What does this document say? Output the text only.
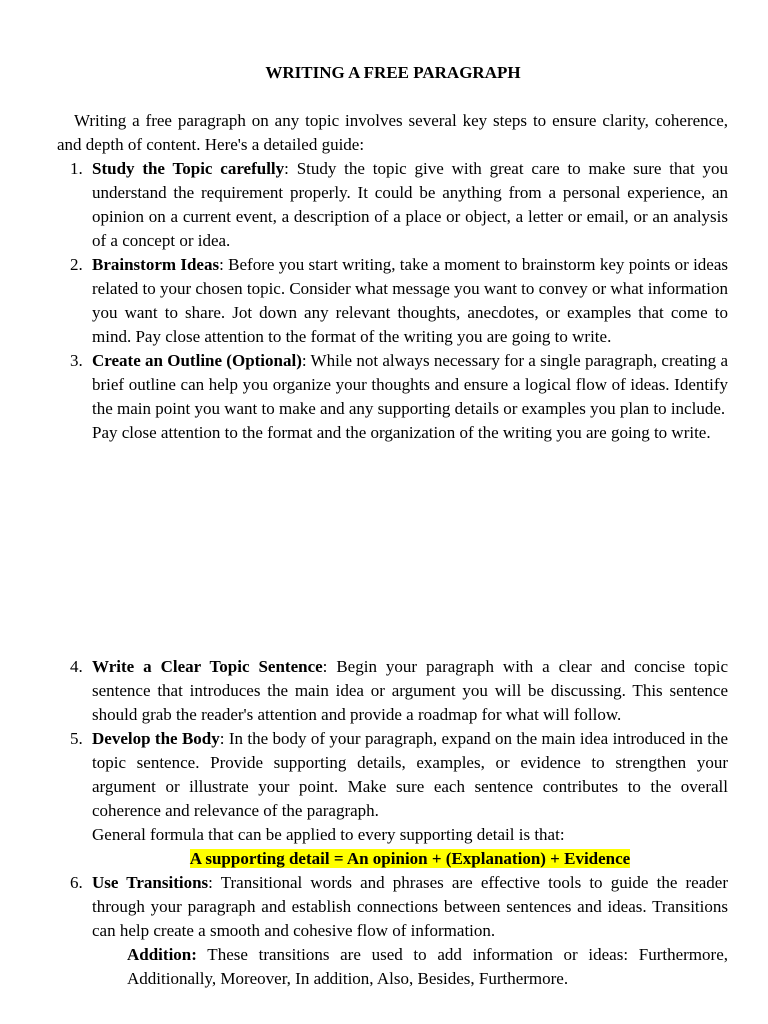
WRITING A FREE PARAGRAPH

Writing a free paragraph on any topic involves several key steps to ensure clarity, coherence, and depth of content. Here's a detailed guide:

1. Study the Topic carefully: Study the topic give with great care to make sure that you understand the requirement properly. It could be anything from a personal experience, an opinion on a current event, a description of a place or object, a letter or email, or an analysis of a concept or idea.
2. Brainstorm Ideas: Before you start writing, take a moment to brainstorm key points or ideas related to your chosen topic. Consider what message you want to convey or what information you want to share. Jot down any relevant thoughts, anecdotes, or examples that come to mind. Pay close attention to the format of the writing you are going to write.
3. Create an Outline (Optional): While not always necessary for a single paragraph, creating a brief outline can help you organize your thoughts and ensure a logical flow of ideas. Identify the main point you want to make and any supporting details or examples you plan to include.
Pay close attention to the format and the organization of the writing you are going to write.
4. Write a Clear Topic Sentence: Begin your paragraph with a clear and concise topic sentence that introduces the main idea or argument you will be discussing. This sentence should grab the reader's attention and provide a roadmap for what will follow.
5. Develop the Body: In the body of your paragraph, expand on the main idea introduced in the topic sentence. Provide supporting details, examples, or evidence to strengthen your argument or illustrate your point. Make sure each sentence contributes to the overall coherence and relevance of the paragraph.
General formula that can be applied to every supporting detail is that:
A supporting detail = An opinion + (Explanation) + Evidence
6. Use Transitions: Transitional words and phrases are effective tools to guide the reader through your paragraph and establish connections between sentences and ideas. Transitions can help create a smooth and cohesive flow of information.
Addition: These transitions are used to add information or ideas: Furthermore, Additionally, Moreover, In addition, Also, Besides, Furthermore.
